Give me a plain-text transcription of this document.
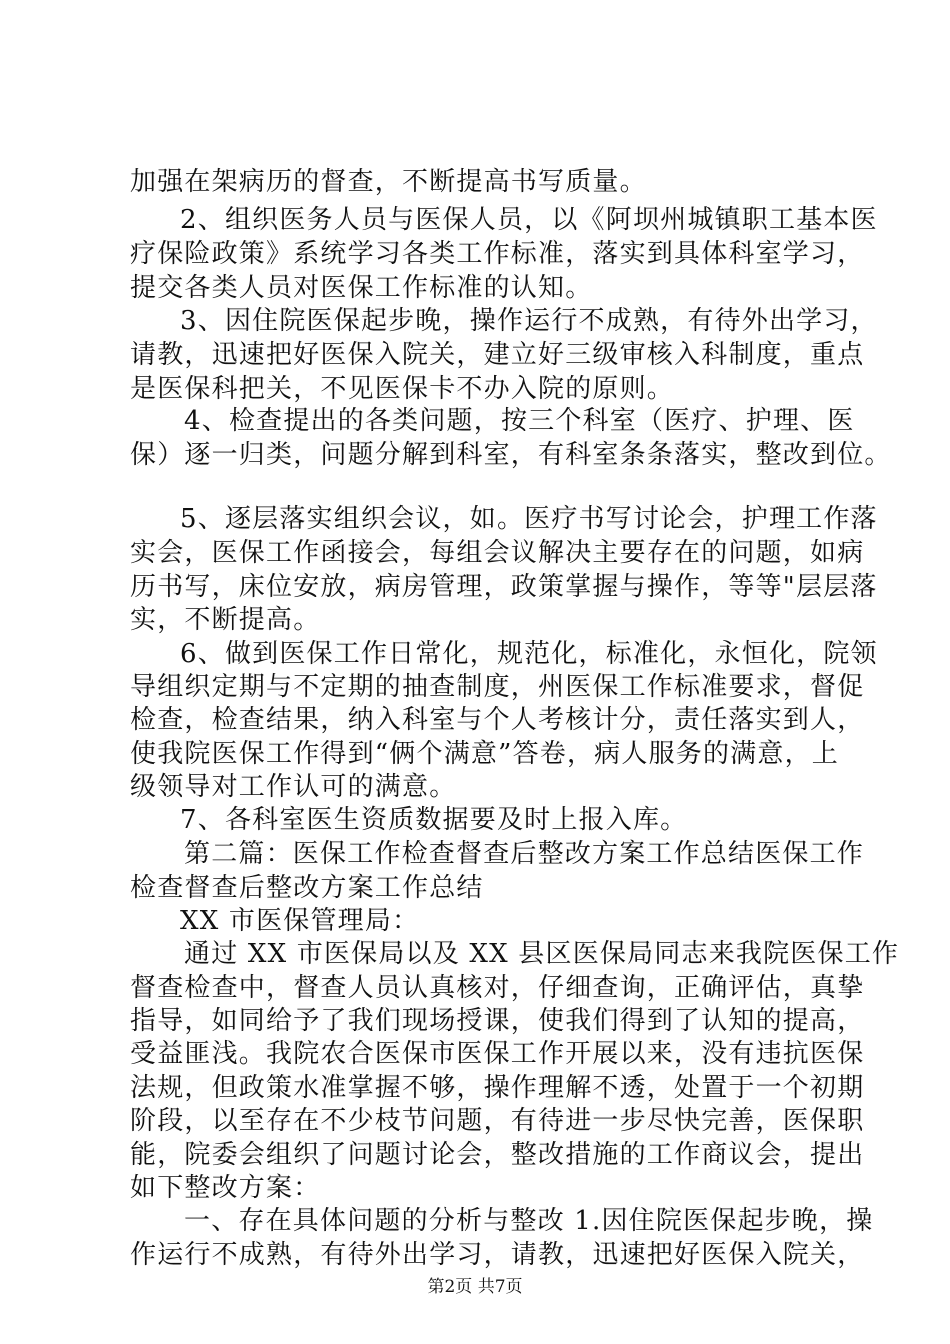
加强在架病历的督查，不断提高书写质量。
2、组织医务人员与医保人员，以《阿坝州城镇职工基本医
疗保险政策》系统学习各类工作标准，落实到具体科室学习，
提交各类人员对医保工作标准的认知。
3、因住院医保起步晚，操作运行不成熟，有待外出学习，
请教，迅速把好医保入院关，建立好三级审核入科制度，重点
是医保科把关，不见医保卡不办入院的原则。
4、检查提出的各类问题，按三个科室（医疗、护理、医
保）逐一归类，问题分解到科室，有科室条条落实，整改到位。
5、逐层落实组织会议，如。医疗书写讨论会，护理工作落
实会，医保工作函接会，每组会议解决主要存在的问题，如病
历书写，床位安放，病房管理，政策掌握与操作，等等"层层落
实，不断提高。
6、做到医保工作日常化，规范化，标准化，永恒化，院领
导组织定期与不定期的抽查制度，州医保工作标准要求，督促
检查，检查结果，纳入科室与个人考核计分，责任落实到人，
使我院医保工作得到“俩个满意”答卷，病人服务的满意，上
级领导对工作认可的满意。
7、各科室医生资质数据要及时上报入库。
第二篇：医保工作检查督查后整改方案工作总结医保工作
检查督查后整改方案工作总结
XX 市医保管理局：
通过 XX 市医保局以及 XX 县区医保局同志来我院医保工作
督查检查中，督查人员认真核对，仔细查询，正确评估，真挚
指导，如同给予了我们现场授课，使我们得到了认知的提高，
受益匪浅。我院农合医保市医保工作开展以来，没有违抗医保
法规，但政策水准掌握不够，操作理解不透，处置于一个初期
阶段，以至存在不少枝节问题，有待进一步尽快完善，医保职
能，院委会组织了问题讨论会，整改措施的工作商议会，提出
如下整改方案：
一、存在具体问题的分析与整改 1.因住院医保起步晚，操
作运行不成熟，有待外出学习，请教，迅速把好医保入院关，
第2页 共7页
